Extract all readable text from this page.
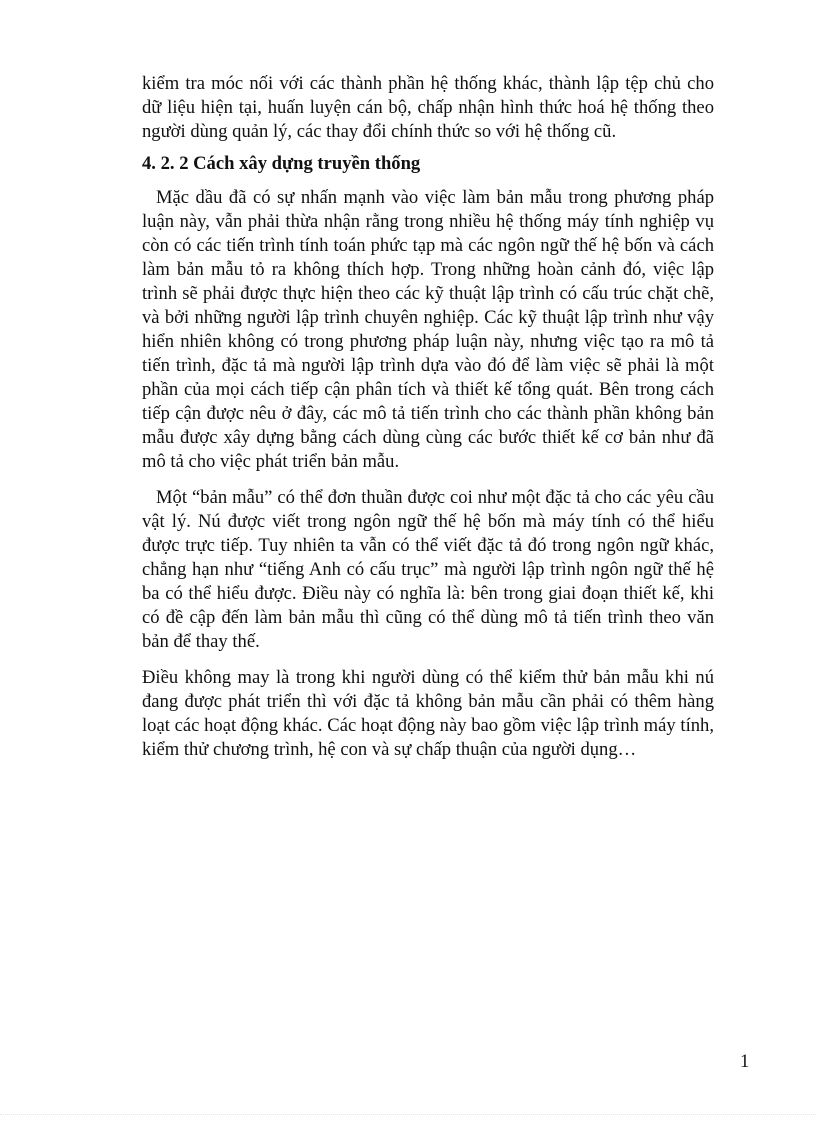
kiểm tra móc nối với các thành phần hệ thống khác, thành lập tệp chủ cho dữ liệu hiện tại, huấn luyện cán bộ, chấp nhận hình thức hoá hệ thống theo người dùng quản lý, các thay đổi chính thức so với hệ thống cũ.

4. 2. 2 Cách xây dựng truyền thống

Mặc dầu đã có sự nhấn mạnh vào việc làm bản mẫu trong phương pháp luận này, vẫn phải thừa nhận rằng trong nhiều hệ thống máy tính nghiệp vụ còn có các tiến trình tính toán phức tạp mà các ngôn ngữ thế hệ bốn và cách làm bản mẫu tỏ ra không thích hợp. Trong những hoàn cảnh đó, việc lập trình sẽ phải được thực hiện theo các kỹ thuật lập trình có cấu trúc chặt chẽ, và bởi những người lập trình chuyên nghiệp. Các kỹ thuật lập trình như vậy hiển nhiên không có trong phương pháp luận này, nhưng việc tạo ra mô tả tiến trình, đặc tả mà người lập trình dựa vào đó để làm việc sẽ phải là một phần của mọi cách tiếp cận phân tích và thiết kế tổng quát. Bên trong cách tiếp cận được nêu ở đây, các mô tả tiến trình cho các thành phần không bản mẫu được xây dựng bằng cách dùng cùng các bước thiết kế cơ bản như đã mô tả cho việc phát triển bản mẫu.

Một “bản mẫu” có thể đơn thuần được coi như một đặc tả cho các yêu cầu vật lý. Nú được viết trong ngôn ngữ thế hệ bốn mà máy tính có thể hiểu được trực tiếp. Tuy nhiên ta vẫn có thể viết đặc tả đó trong ngôn ngữ khác, chẳng hạn như “tiếng Anh có cấu trục” mà người lập trình ngôn ngữ thế hệ ba có thể hiểu được. Điều này có nghĩa là: bên trong giai đoạn thiết kế, khi có đề cập đến làm bản mẫu thì cũng có thể dùng mô tả tiến trình theo văn bản để thay thế.

Điều không may là trong khi người dùng có thể kiểm thử bản mẫu khi nú đang được phát triển thì với đặc tả không bản mẫu cần phải có thêm hàng loạt các hoạt động khác. Các hoạt động này bao gồm việc lập trình máy tính, kiểm thử chương trình, hệ con và sự chấp thuận của người dụng…

1
